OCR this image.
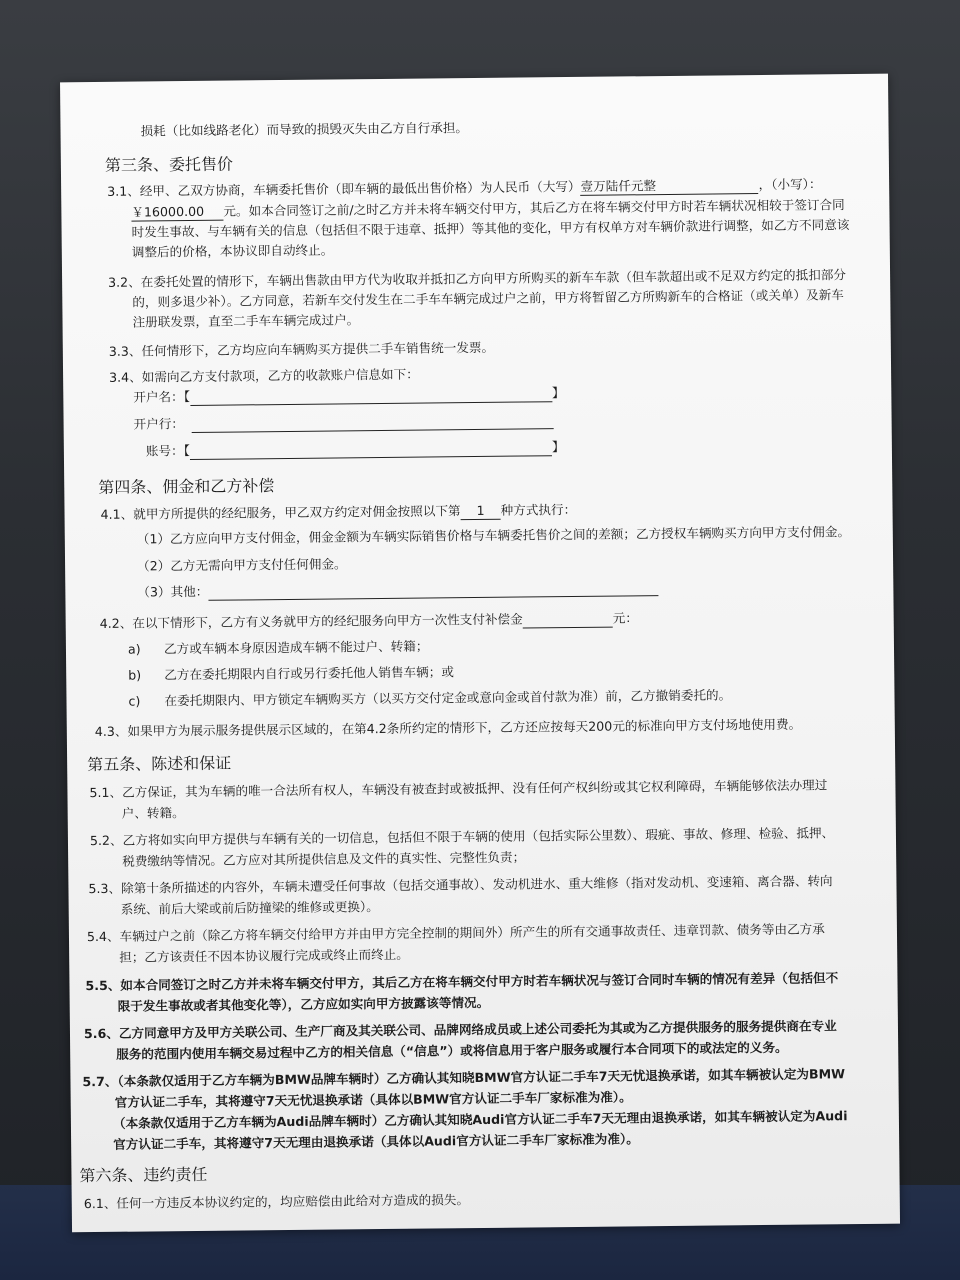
损耗（比如线路老化）而导致的损毁灭失由乙方自行承担。
第三条、委托售价
3.1、经甲、乙双方协商，车辆委托售价（即车辆的最低出售价格）为人民币（大写）壹万陆仟元整	，（小写）：
￥16000.00 元。如本合同签订之前/之时乙方并未将车辆交付甲方，其后乙方在将车辆交付甲方时若车辆状况相较于签订合同
时发生事故、与车辆有关的信息（包括但不限于违章、抵押）等其他的变化，甲方有权单方对车辆价款进行调整，如乙方不同意该
调整后的价格，本协议即自动终止。
3.2、在委托处置的情形下，车辆出售款由甲方代为收取并抵扣乙方向甲方所购买的新车车款（但车款超出或不足双方约定的抵扣部分
的，则多退少补）。乙方同意，若新车交付发生在二手车车辆完成过户之前，甲方将暂留乙方所购新车的合格证（或关单）及新车
注册联发票，直至二手车车辆完成过户。
3.3、任何情形下，乙方均应向车辆购买方提供二手车销售统一发票。
3.4、如需向乙方支付款项，乙方的收款账户信息如下：
开户名：【	】
开户行：
账号：【	】
第四条、佣金和乙方补偿
4.1、就甲方所提供的经纪服务，甲乙双方约定对佣金按照以下第 1 种方式执行：
（1）乙方应向甲方支付佣金，佣金金额为车辆实际销售价格与车辆委托售价之间的差额；乙方授权车辆购买方向甲方支付佣金。
（2）乙方无需向甲方支付任何佣金。
（3）其他：
4.2、在以下情形下，乙方有义务就甲方的经纪服务向甲方一次性支付补偿金	元：
a) 乙方或车辆本身原因造成车辆不能过户、转籍；
b) 乙方在委托期限内自行或另行委托他人销售车辆；或
c) 在委托期限内、甲方锁定车辆购买方（以买方交付定金或意向金或首付款为准）前，乙方撤销委托的。
4.3、如果甲方为展示服务提供展示区域的，在第4.2条所约定的情形下，乙方还应按每天200元的标准向甲方支付场地使用费。
第五条、陈述和保证
5.1、乙方保证，其为车辆的唯一合法所有权人，车辆没有被查封或被抵押、没有任何产权纠纷或其它权利障碍，车辆能够依法办理过
户、转籍。
5.2、乙方将如实向甲方提供与车辆有关的一切信息，包括但不限于车辆的使用（包括实际公里数）、瑕疵、事故、修理、检验、抵押、
税费缴纳等情况。乙方应对其所提供信息及文件的真实性、完整性负责；
5.3、除第十条所描述的内容外，车辆未遭受任何事故（包括交通事故）、发动机进水、重大维修（指对发动机、变速箱、离合器、转向
系统、前后大梁或前后防撞梁的维修或更换）。
5.4、车辆过户之前（除乙方将车辆交付给甲方并由甲方完全控制的期间外）所产生的所有交通事故责任、违章罚款、债务等由乙方承
担；乙方该责任不因本协议履行完成或终止而终止。
5.5、如本合同签订之时乙方并未将车辆交付甲方，其后乙方在将车辆交付甲方时若车辆状况与签订合同时车辆的情况有差异（包括但不
限于发生事故或者其他变化等），乙方应如实向甲方披露该等情况。
5.6、乙方同意甲方及甲方关联公司、生产厂商及其关联公司、品牌网络成员或上述公司委托为其或为乙方提供服务的服务提供商在专业
服务的范围内使用车辆交易过程中乙方的相关信息（“信息”）或将信息用于客户服务或履行本合同项下的或法定的义务。
5.7、（本条款仅适用于乙方车辆为BMW品牌车辆时）乙方确认其知晓BMW官方认证二手车7天无忧退换承诺，如其车辆被认定为BMW
官方认证二手车，其将遵守7天无忧退换承诺（具体以BMW官方认证二手车厂家标准为准）。
（本条款仅适用于乙方车辆为Audi品牌车辆时）乙方确认其知晓Audi官方认证二手车7天无理由退换承诺，如其车辆被认定为Audi
官方认证二手车，其将遵守7天无理由退换承诺（具体以Audi官方认证二手车厂家标准为准）。
第六条、违约责任
6.1、任何一方违反本协议约定的，均应赔偿由此给对方造成的损失。
